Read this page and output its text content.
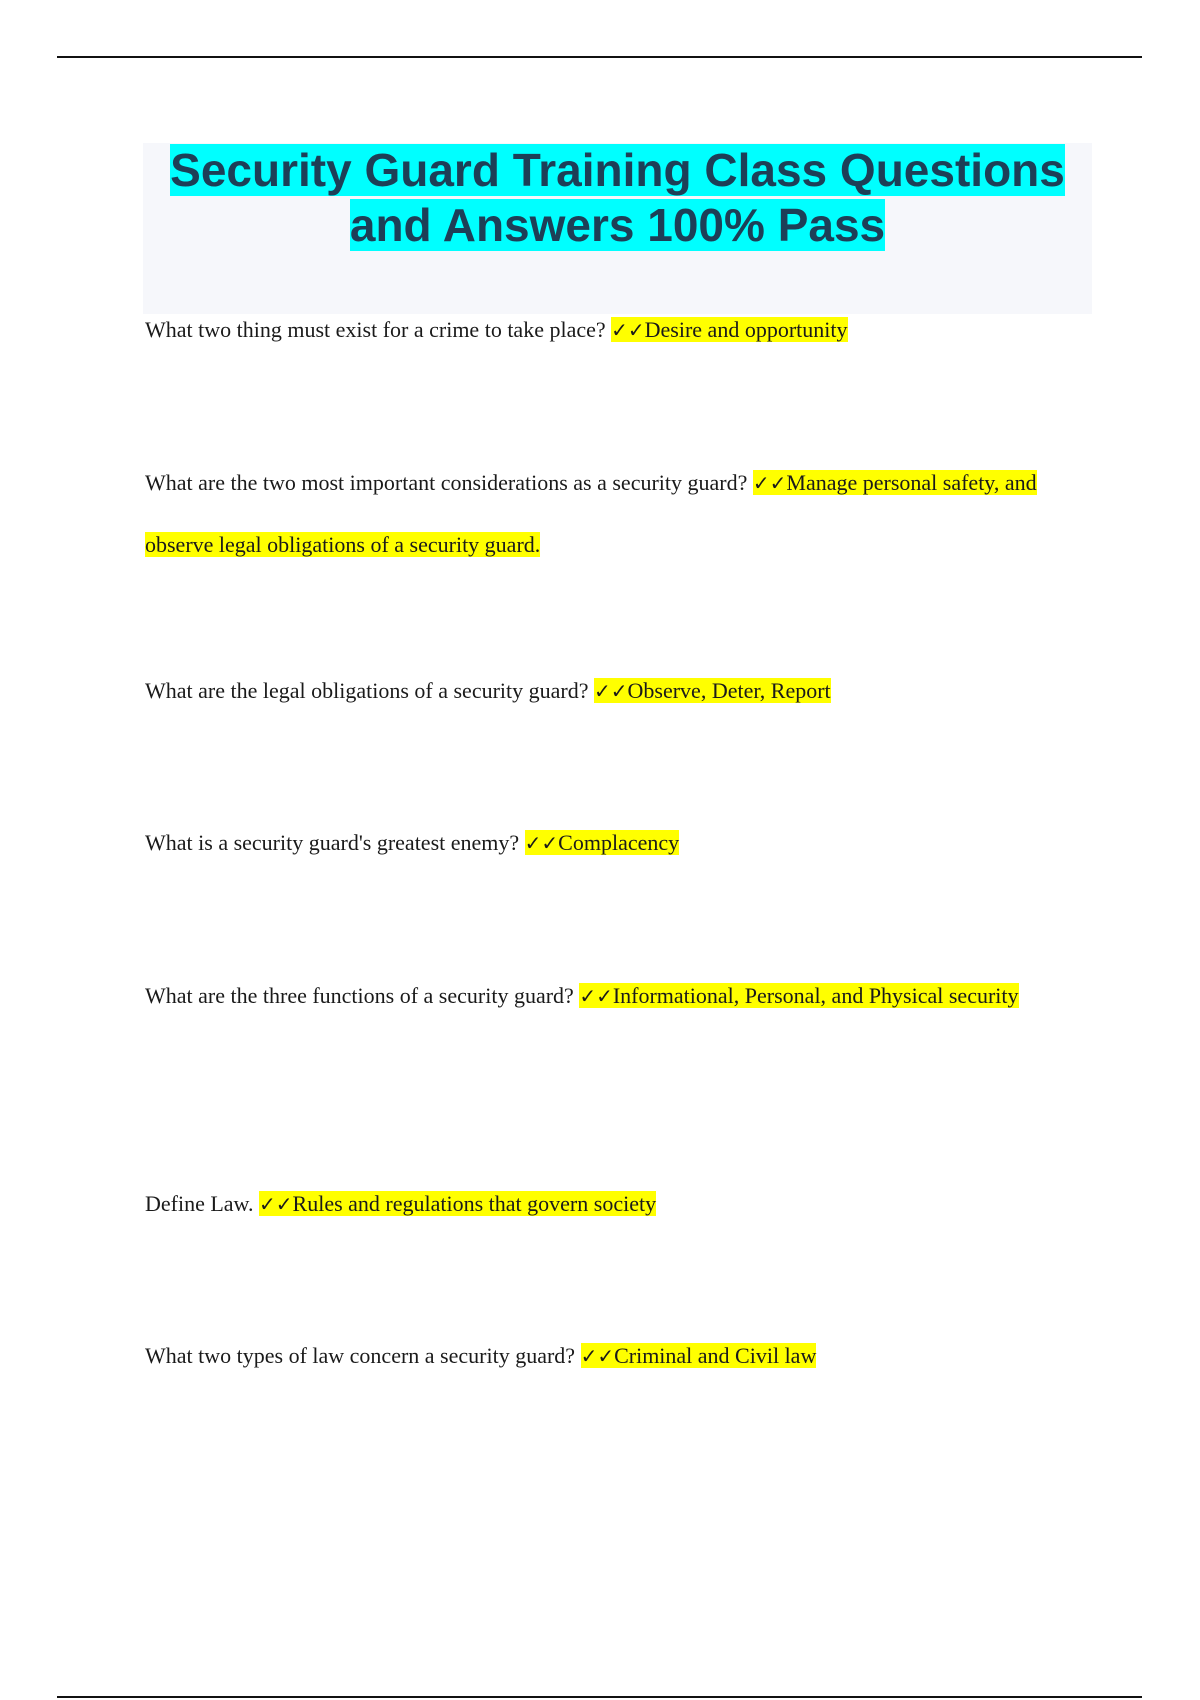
Security Guard Training Class Questions and Answers 100% Pass

What two thing must exist for a crime to take place? ✓✓Desire and opportunity

What are the two most important considerations as a security guard? ✓✓Manage personal safety, and observe legal obligations of a security guard.

What are the legal obligations of a security guard? ✓✓Observe, Deter, Report

What is a security guard's greatest enemy? ✓✓Complacency

What are the three functions of a security guard? ✓✓Informational, Personal, and Physical security

Define Law. ✓✓Rules and regulations that govern society

What two types of law concern a security guard? ✓✓Criminal and Civil law
